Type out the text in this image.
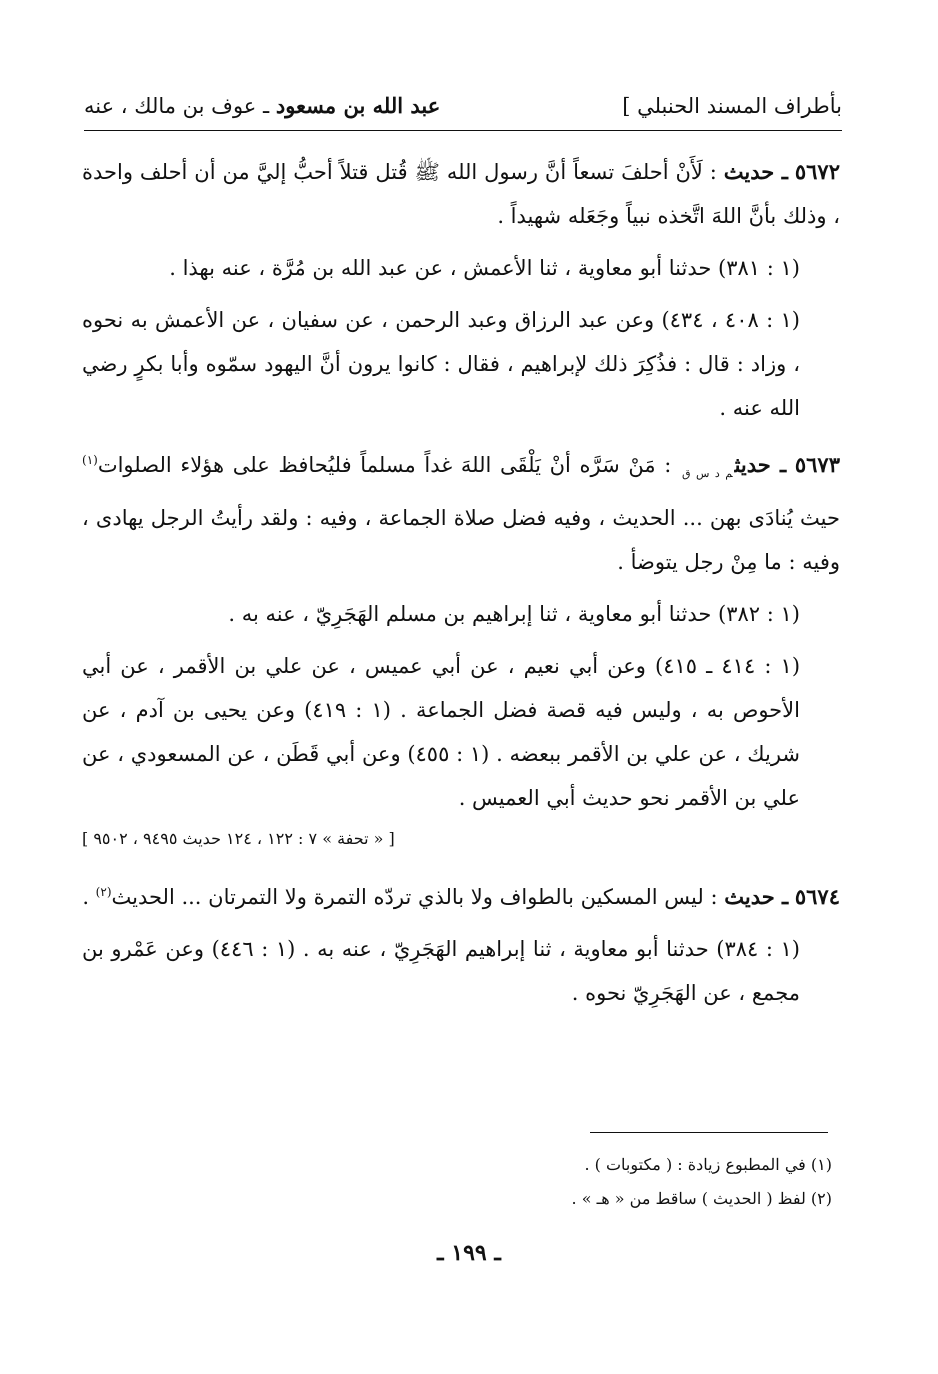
بأطراف المسند الحنبلي ]
عبد الله بن مسعود ـ عوف بن مالك ، عنه

٥٦٧٢ ـ حديث : لَأَنْ أحلفَ تسعاً أنَّ رسول الله ﷺ قُتل قتلاً أحبُّ إليَّ من أن أحلف واحدة ، وذلك بأنَّ اللهَ اتَّخذه نبياً وجَعَله شهيداً .

(١ : ٣٨١) حدثنا أبو معاوية ، ثنا الأعمش ، عن عبد الله بن مُرَّة ، عنه بهذا .

(١ : ٤٠٨ ، ٤٣٤) وعن عبد الرزاق وعبد الرحمن ، عن سفيان ، عن الأعمش به نحوه ، وزاد : قال : فذُكِرَ ذلك لإبراهيم ، فقال : كانوا يرون أنَّ اليهود سمّوه وأبا بكرٍ رضي الله عنه .

٥٦٧٣ ـ حديث$_{م د س ق}$ : مَنْ سَرَّه أنْ يَلْقَى اللهَ غداً مسلماً فليُحافظ على هؤلاء الصلوات$^{(١)}$ حيث يُنادَى بهن ... الحديث ، وفيه فضل صلاة الجماعة ، وفيه : ولقد رأيتُ الرجل يهادى ، وفيه : ما مِنْ رجل يتوضأ .

(١ : ٣٨٢) حدثنا أبو معاوية ، ثنا إبراهيم بن مسلم الهَجَرِيّ ، عنه به .

(١ : ٤١٤ ـ ٤١٥) وعن أبي نعيم ، عن أبي عميس ، عن علي بن الأقمر ، عن أبي الأحوص به ، وليس فيه قصة فضل الجماعة . (١ : ٤١٩) وعن يحيى بن آدم ، عن شريك ، عن علي بن الأقمر ببعضه . (١ : ٤٥٥) وعن أبي قَطَن ، عن المسعودي ، عن علي بن الأقمر نحو حديث أبي العميس .

[ « تحفة » ٧ : ١٢٢ ، ١٢٤ حديث ٩٤٩٥ ، ٩٥٠٢ ]

٥٦٧٤ ـ حديث : ليس المسكين بالطواف ولا بالذي تردّه التمرة ولا التمرتان ... الحديث$^{(٢)}$ .

(١ : ٣٨٤) حدثنا أبو معاوية ، ثنا إبراهيم الهَجَرِيّ ، عنه به . (١ : ٤٤٦) وعن عَمْرو بن مجمع ، عن الهَجَرِيّ نحوه .

(١) في المطبوع زيادة : ( مكتوبات ) .

(٢) لفظ ( الحديث ) ساقط من « هـ » .

ـ ١٩٩ ـ
